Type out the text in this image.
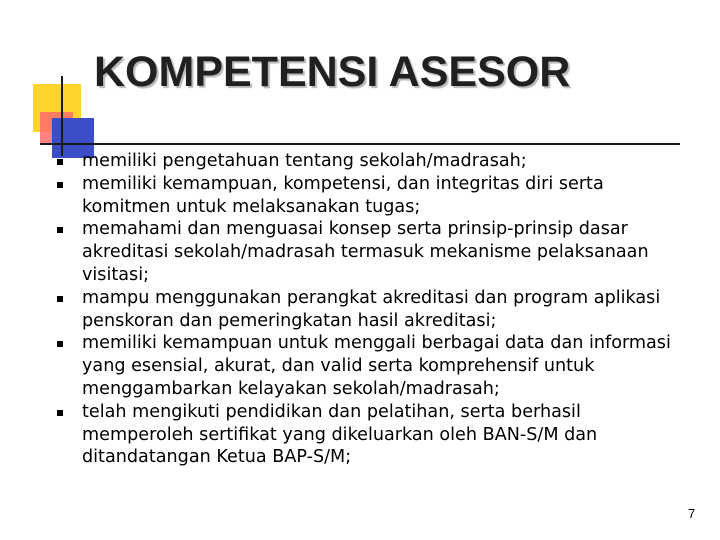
KOMPETENSI ASESOR
memiliki pengetahuan tentang sekolah/madrasah;
memiliki kemampuan, kompetensi, dan integritas diri serta komitmen untuk melaksanakan tugas;
memahami dan menguasai konsep serta prinsip-prinsip dasar akreditasi sekolah/madrasah termasuk mekanisme pelaksanaan visitasi;
mampu menggunakan perangkat akreditasi dan program aplikasi penskoran dan pemeringkatan hasil akreditasi;
memiliki kemampuan untuk menggali berbagai data dan informasi yang esensial, akurat, dan valid serta komprehensif untuk menggambarkan kelayakan sekolah/madrasah;
telah mengikuti pendidikan dan pelatihan, serta berhasil memperoleh sertifikat yang dikeluarkan oleh BAN-S/M dan ditandatangan Ketua BAP-S/M;
7
